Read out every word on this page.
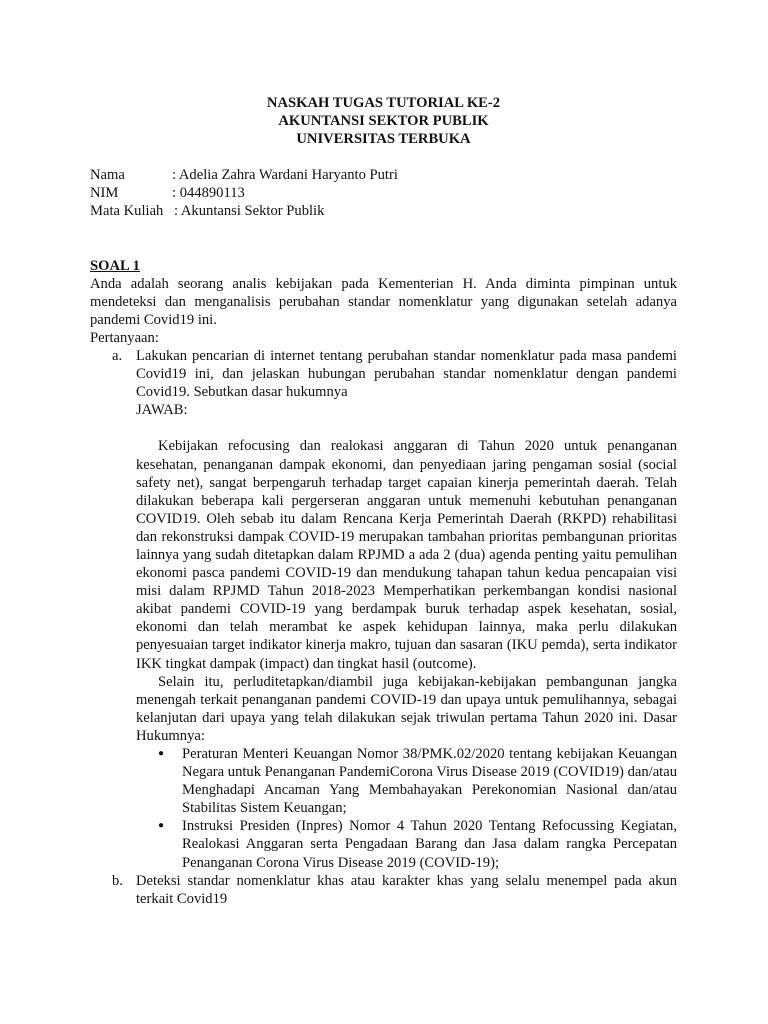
NASKAH TUGAS TUTORIAL KE-2
AKUNTANSI SEKTOR PUBLIK
UNIVERSITAS TERBUKA
Nama	: Adelia Zahra Wardani Haryanto Putri
NIM	: 044890113
Mata Kuliah : Akuntansi Sektor Publik
SOAL 1
Anda adalah seorang analis kebijakan pada Kementerian H. Anda diminta pimpinan untuk mendeteksi dan menganalisis perubahan standar nomenklatur yang digunakan setelah adanya pandemi Covid19 ini.
Pertanyaan:
a. Lakukan pencarian di internet tentang perubahan standar nomenklatur pada masa pandemi Covid19 ini, dan jelaskan hubungan perubahan standar nomenklatur dengan pandemi Covid19. Sebutkan dasar hukumnya
JAWAB:
Kebijakan refocusing dan realokasi anggaran di Tahun 2020 untuk penanganan kesehatan, penanganan dampak ekonomi, dan penyediaan jaring pengaman sosial (social safety net), sangat berpengaruh terhadap target capaian kinerja pemerintah daerah. Telah dilakukan beberapa kali pergerseran anggaran untuk memenuhi kebutuhan penanganan COVID19. Oleh sebab itu dalam Rencana Kerja Pemerintah Daerah (RKPD) rehabilitasi dan rekonstruksi dampak COVID-19 merupakan tambahan prioritas pembangunan prioritas lainnya yang sudah ditetapkan dalam RPJMD a ada 2 (dua) agenda penting yaitu pemulihan ekonomi pasca pandemi COVID-19 dan mendukung tahapan tahun kedua pencapaian visi misi dalam RPJMD Tahun 2018-2023 Memperhatikan perkembangan kondisi nasional akibat pandemi COVID-19 yang berdampak buruk terhadap aspek kesehatan, sosial, ekonomi dan telah merambat ke aspek kehidupan lainnya, maka perlu dilakukan penyesuaian target indikator kinerja makro, tujuan dan sasaran (IKU pemda), serta indikator IKK tingkat dampak (impact) dan tingkat hasil (outcome).
Selain itu, perluditetapkan/diambil juga kebijakan-kebijakan pembangunan jangka menengah terkait penanganan pandemi COVID-19 dan upaya untuk pemulihannya, sebagai kelanjutan dari upaya yang telah dilakukan sejak triwulan pertama Tahun 2020 ini. Dasar Hukumnya:
●	Peraturan Menteri Keuangan Nomor 38/PMK.02/2020 tentang kebijakan Keuangan Negara untuk Penanganan PandemiCorona Virus Disease 2019 (COVID19) dan/atau Menghadapi Ancaman Yang Membahayakan Perekonomian Nasional dan/atau Stabilitas Sistem Keuangan;
●	Instruksi Presiden (Inpres) Nomor 4 Tahun 2020 Tentang Refocussing Kegiatan, Realokasi Anggaran serta Pengadaan Barang dan Jasa dalam rangka Percepatan Penanganan Corona Virus Disease 2019 (COVID-19);
b. Deteksi standar nomenklatur khas atau karakter khas yang selalu menempel pada akun terkait Covid19
